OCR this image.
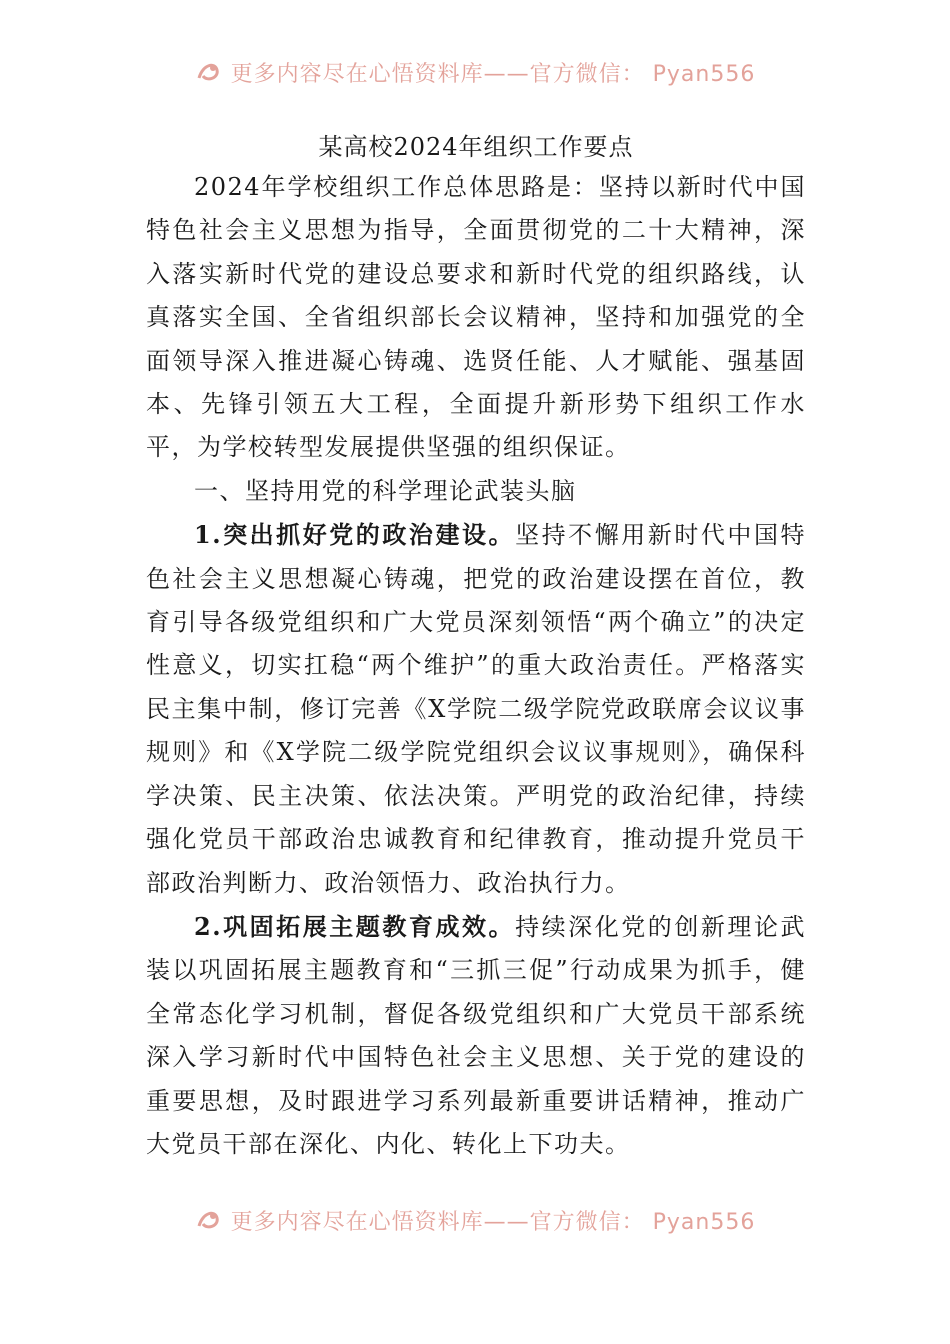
更多内容尽在心悟资料库——官方微信： Pyan556
某高校2024年组织工作要点

2024年学校组织工作总体思路是：坚持以新时代中国特色社会主义思想为指导，全面贯彻党的二十大精神，深入落实新时代党的建设总要求和新时代党的组织路线，认真落实全国、全省组织部长会议精神，坚持和加强党的全面领导深入推进凝心铸魂、选贤任能、人才赋能、强基固本、先锋引领五大工程，全面提升新形势下组织工作水平，为学校转型发展提供坚强的组织保证。

一、坚持用党的科学理论武装头脑

1.突出抓好党的政治建设。坚持不懈用新时代中国特色社会主义思想凝心铸魂，把党的政治建设摆在首位，教育引导各级党组织和广大党员深刻领悟“两个确立”的决定性意义，切实扛稳“两个维护”的重大政治责任。严格落实民主集中制，修订完善《X学院二级学院党政联席会议议事规则》和《X学院二级学院党组织会议议事规则》，确保科学决策、民主决策、依法决策。严明党的政治纪律，持续强化党员干部政治忠诚教育和纪律教育，推动提升党员干部政治判断力、政治领悟力、政治执行力。

2.巩固拓展主题教育成效。持续深化党的创新理论武装以巩固拓展主题教育和“三抓三促”行动成果为抓手，健全常态化学习机制，督促各级党组织和广大党员干部系统深入学习新时代中国特色社会主义思想、关于党的建设的重要思想，及时跟进学习系列最新重要讲话精神，推动广大党员干部在深化、内化、转化上下功夫。

更多内容尽在心悟资料库——官方微信： Pyan556
